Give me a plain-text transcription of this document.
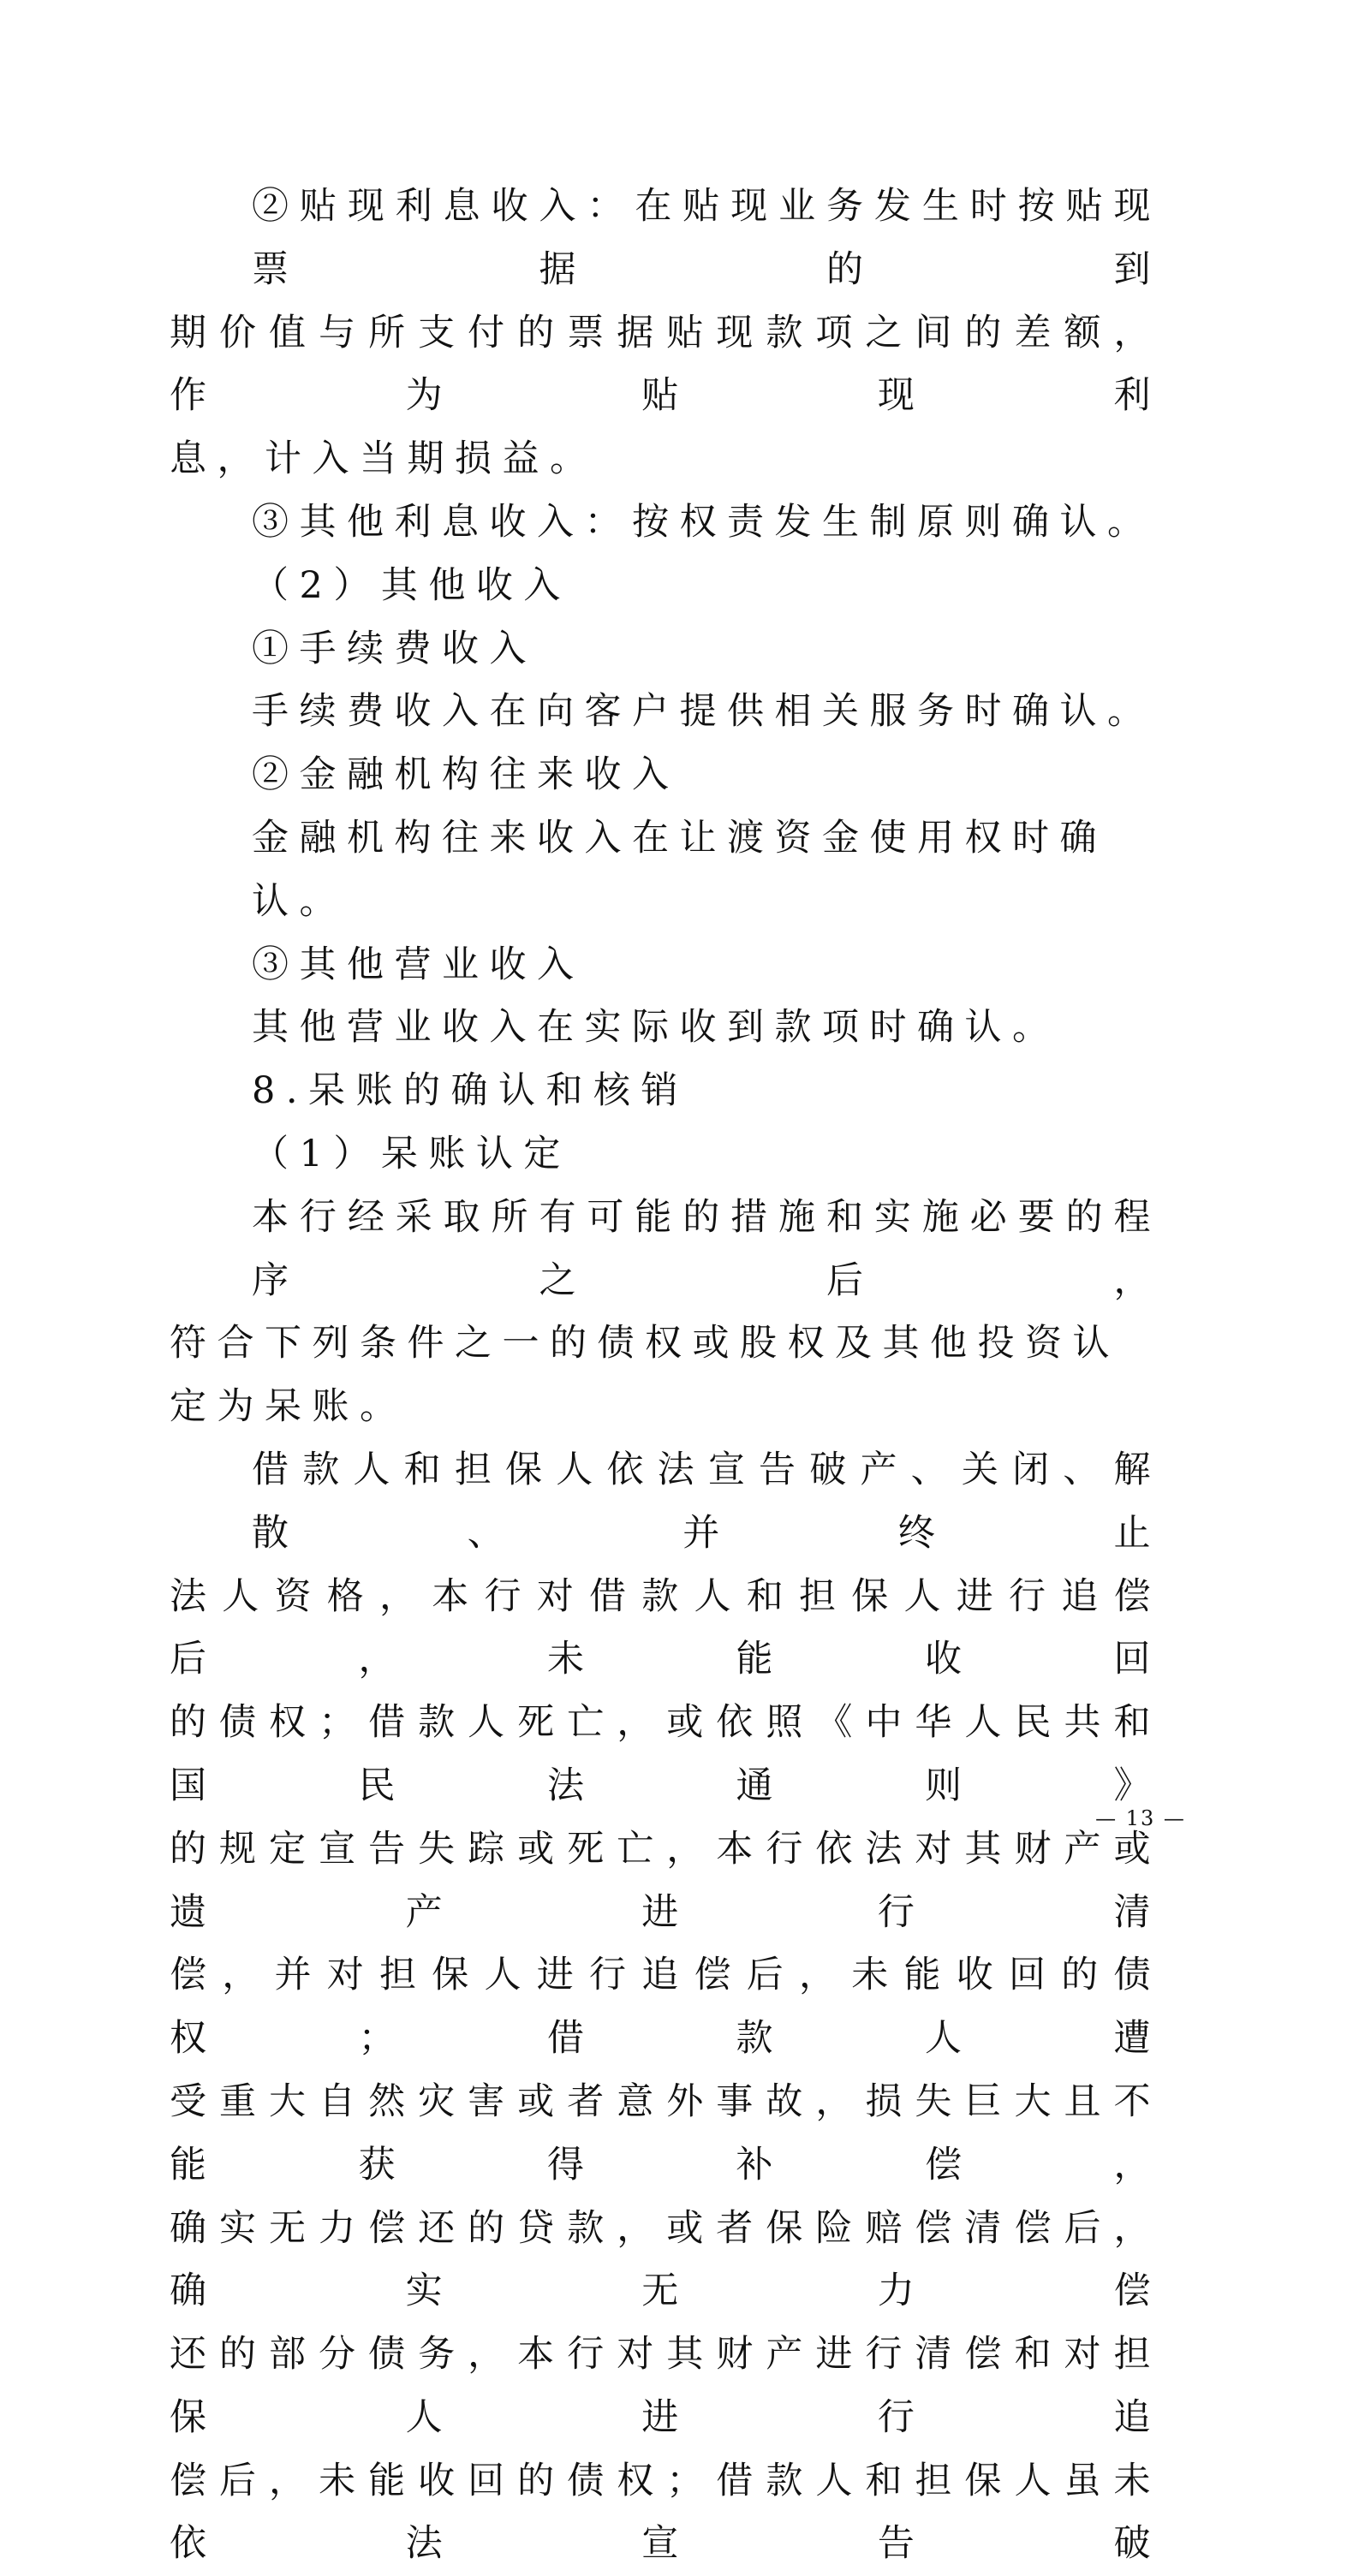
②贴现利息收入：在贴现业务发生时按贴现票据的到

期价值与所支付的票据贴现款项之间的差额，作为贴现利

息，计入当期损益。

③其他利息收入：按权责发生制原则确认。

（2）其他收入

①手续费收入

手续费收入在向客户提供相关服务时确认。

②金融机构往来收入

金融机构往来收入在让渡资金使用权时确认。

③其他营业收入

其他营业收入在实际收到款项时确认。

8.呆账的确认和核销

（1）呆账认定

本行经采取所有可能的措施和实施必要的程序之后，

符合下列条件之一的债权或股权及其他投资认定为呆账。

借款人和担保人依法宣告破产、关闭、解散、并终止

法人资格，本行对借款人和担保人进行追偿后，未能收回

的债权；借款人死亡，或依照《中华人民共和国民法通则》

的规定宣告失踪或死亡，本行依法对其财产或遗产进行清

偿，并对担保人进行追偿后，未能收回的债权；借款人遭

受重大自然灾害或者意外事故，损失巨大且不能获得补偿，

确实无力偿还的贷款，或者保险赔偿清偿后，确实无力偿

还的部分债务，本行对其财产进行清偿和对担保人进行追

偿后，未能收回的债权；借款人和担保人虽未依法宣告破

— 13 —
